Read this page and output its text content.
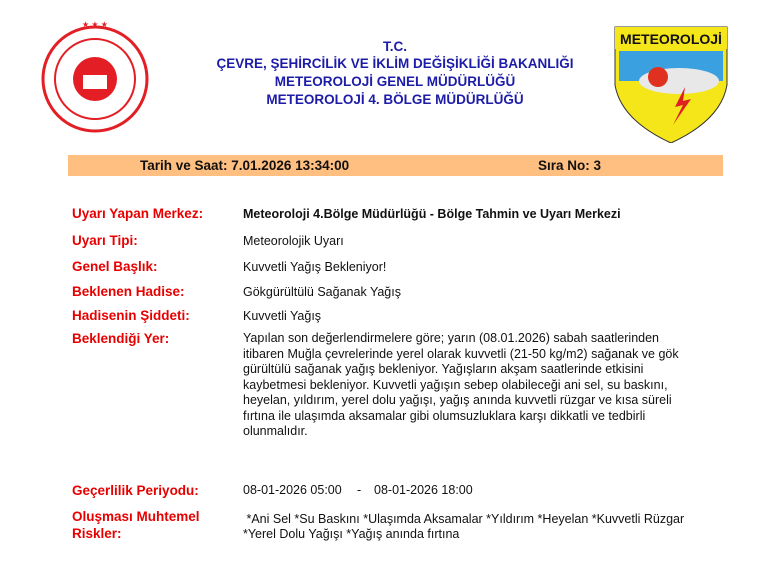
★ ★ ★
T.C.
ÇEVRE, ŞEHİRCİLİK VE İKLİM DEĞİŞİKLİĞİ BAKANLIĞI
METEOROLOJİ GENEL MÜDÜRLÜĞÜ
METEOROLOJİ 4. BÖLGE MÜDÜRLÜĞÜ
METEOROLOJİ
Tarih ve Saat: 7.01.2026 13:34:00	Sıra No: 3
Uyarı Yapan Merkez:	Meteoroloji 4.Bölge Müdürlüğü - Bölge Tahmin ve Uyarı Merkezi
Uyarı Tipi:	Meteorolojik Uyarı
Genel Başlık:	Kuvvetli Yağış Bekleniyor!
Beklenen Hadise:	Gökgürültülü Sağanak Yağış
Hadisenin Şiddeti:	Kuvvetli Yağış
Beklendiği Yer:	Yapılan son değerlendirmelere göre; yarın (08.01.2026) sabah saatlerinden
itibaren Muğla çevrelerinde yerel olarak kuvvetli (21-50 kg/m2) sağanak ve gök
gürültülü sağanak yağış bekleniyor. Yağışların akşam saatlerinde etkisini
kaybetmesi bekleniyor. Kuvvetli yağışın sebep olabileceği ani sel, su baskını,
heyelan, yıldırım, yerel dolu yağışı, yağış anında kuvvetli rüzgar ve kısa süreli
fırtına ile ulaşımda aksamalar gibi olumsuzluklara karşı dikkatli ve tedbirli
olunmalıdır.
Geçerlilik Periyodu:	08-01-2026 05:00 - 08-01-2026 18:00
Oluşması Muhtemel
Riskler:
*Ani Sel *Su Baskını *Ulaşımda Aksamalar *Yıldırım *Heyelan *Kuvvetli Rüzgar
*Yerel Dolu Yağışı *Yağış anında fırtına
